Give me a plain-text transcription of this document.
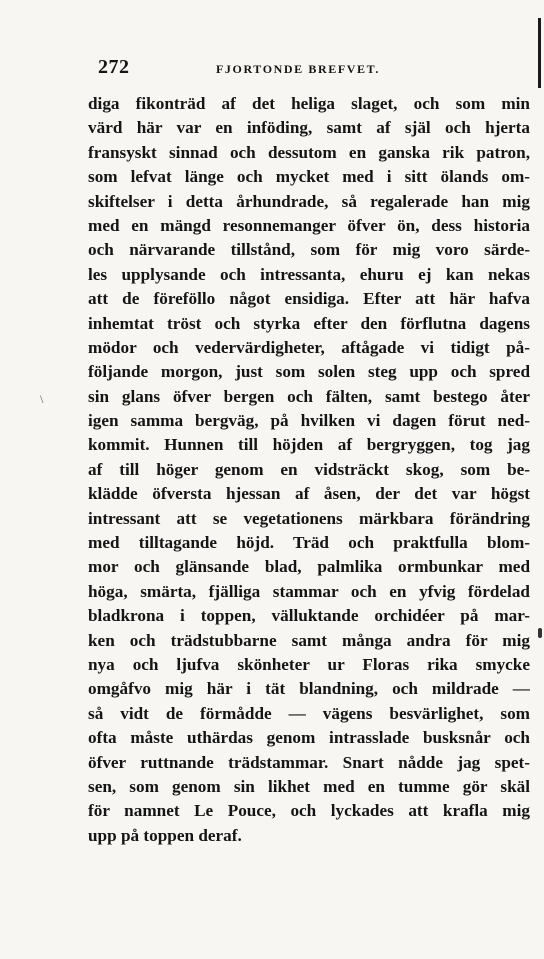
\
272	FJORTONDE BREFVET.
diga fikonträd af det heliga slaget, och som min
värd här var en inföding, samt af själ och hjerta
fransyskt sinnad och dessutom en ganska rik patron,
som lefvat länge och mycket med i sitt ölands om-
skiftelser i detta århundrade, så regalerade han mig
med en mängd resonnemanger öfver ön, dess historia
och närvarande tillstånd, som för mig voro särde-
les upplysande och intressanta, ehuru ej kan nekas
att de föreföllo något ensidiga. Efter att här hafva
inhemtat tröst och styrka efter den förflutna dagens
mödor och vedervärdigheter, aftågade vi tidigt på-
följande morgon, just som solen steg upp och spred
sin glans öfver bergen och fälten, samt bestego åter
igen samma bergväg, på hvilken vi dagen förut ned-
kommit. Hunnen till höjden af bergryggen, tog jag
af till höger genom en vidsträckt skog, som be-
klädde öfversta hjessan af åsen, der det var högst
intressant att se vegetationens märkbara förändring
med tilltagande höjd. Träd och praktfulla blom-
mor och glänsande blad, palmlika ormbunkar med
höga, smärta, fjälliga stammar och en yfvig fördelad
bladkrona i toppen, välluktande orchidéer på mar-
ken och trädstubbarne samt många andra för mig
nya och ljufva skönheter ur Floras rika smycke
omgåfvo mig här i tät blandning, och mildrade —
så vidt de förmådde — vägens besvärlighet, som
ofta måste uthärdas genom intrasslade busksnår och
öfver ruttnande trädstammar. Snart nådde jag spet-
sen, som genom sin likhet med en tumme gör skäl
för namnet Le Pouce, och lyckades att krafla mig
upp på toppen deraf.
